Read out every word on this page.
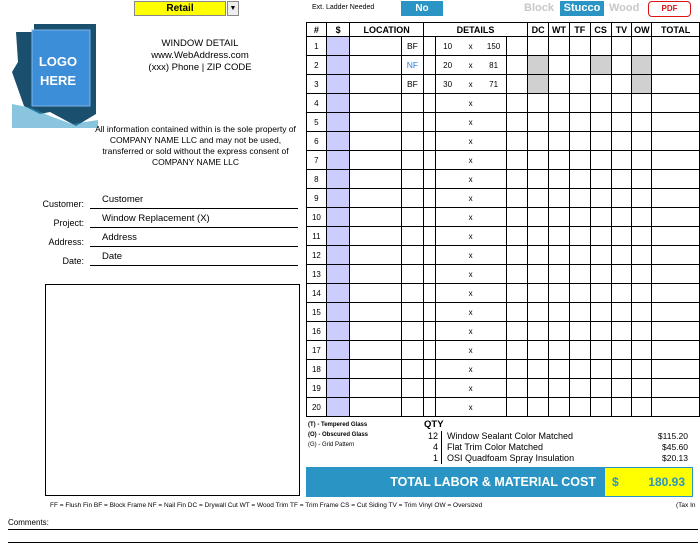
Retail	▼	Ext. Ladder Needed	No	Block Stucco Wood	PDF
LOGO
HERE
WINDOW DETAIL
www.WebAddress.com
(xxx) Phone | ZIP CODE
All information contained within is the sole property of COMPANY NAME LLC and may not be used, transferred or sold without the express consent of COMPANY NAME LLC
Customer:	Customer
Project:	Window Replacement (X)
Address:	Address
Date:	Date
#	$	LOCATION		DETAILS			DC	WT	TF	CS	TV	OW	TOTAL
1			BF		10 x 150								
2			NF		20 x 81								
3			BF		30 x 71								
4					x								
5					x								
6					x								
7					x								
8					x								
9					x								
10					x								
11					x								
12					x								
13					x								
14					x								
15					x								
16					x								
17					x								
18					x								
19					x								
20					x								
(T) - Tempered Glass
(O) - Obscured Glass
(G) - Grid Pattern
QTY
12	Window Sealant Color Matched	$115.20
4	Flat Trim Color Matched	$45.60
1	OSI Quadfoam Spray Insulation	$20.13
TOTAL LABOR & MATERIAL COST	$ 180.93
FF = Flush Fin BF = Block Frame NF = Nail Fin DC = Drywall Cut WT = Wood Trim TF = Trim Frame CS = Cut Siding TV = Trim Vinyl OW = Oversized	(Tax In
Comments:
